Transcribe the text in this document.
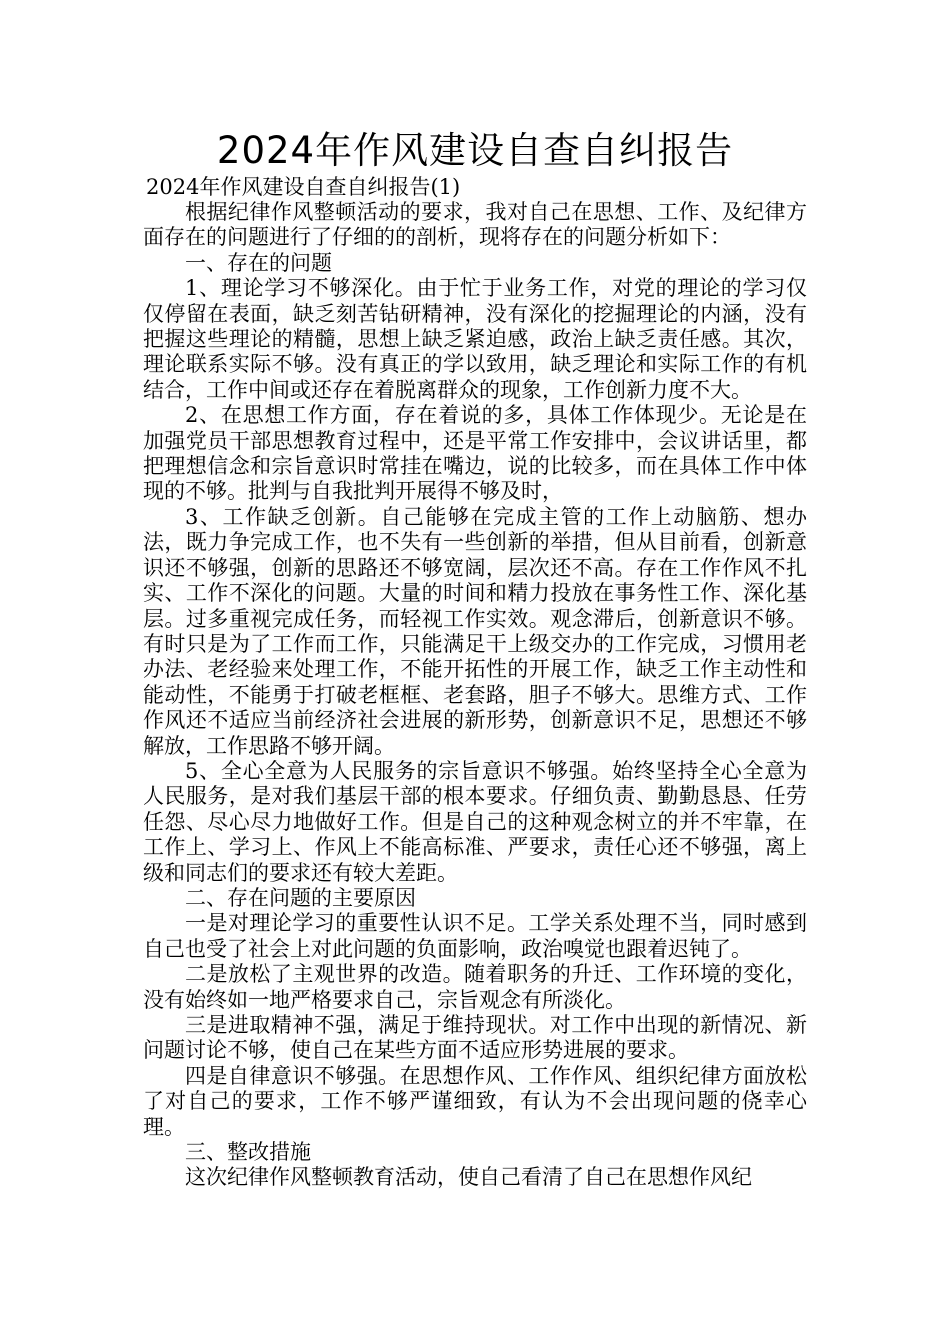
2024年作风建设自查自纠报告
2024年作风建设自查自纠报告(1)

根据纪律作风整顿活动的要求，我对自己在思想、工作、及纪律方面存在的问题进行了仔细的的剖析，现将存在的问题分析如下：

一、存在的问题

1、理论学习不够深化。由于忙于业务工作，对党的理论的学习仅仅停留在表面，缺乏刻苦钻研精神，没有深化的挖掘理论的内涵，没有把握这些理论的精髓，思想上缺乏紧迫感，政治上缺乏责任感。其次，理论联系实际不够。没有真正的学以致用，缺乏理论和实际工作的有机结合，工作中间或还存在着脱离群众的现象，工作创新力度不大。

2、在思想工作方面，存在着说的多，具体工作体现少。无论是在加强党员干部思想教育过程中，还是平常工作安排中，会议讲话里，都把理想信念和宗旨意识时常挂在嘴边，说的比较多，而在具体工作中体现的不够。批判与自我批判开展得不够及时，

3、工作缺乏创新。自己能够在完成主管的工作上动脑筋、想办法，既力争完成工作，也不失有一些创新的举措，但从目前看，创新意识还不够强，创新的思路还不够宽阔，层次还不高。存在工作作风不扎实、工作不深化的问题。大量的时间和精力投放在事务性工作、深化基层。过多重视完成任务，而轻视工作实效。观念滞后，创新意识不够。有时只是为了工作而工作，只能满足干上级交办的工作完成，习惯用老办法、老经验来处理工作，不能开拓性的开展工作，缺乏工作主动性和能动性，不能勇于打破老框框、老套路，胆子不够大。思维方式、工作作风还不适应当前经济社会进展的新形势，创新意识不足，思想还不够解放，工作思路不够开阔。

5、全心全意为人民服务的宗旨意识不够强。始终坚持全心全意为人民服务，是对我们基层干部的根本要求。仔细负责、勤勤恳恳、任劳任怨、尽心尽力地做好工作。但是自己的这种观念树立的并不牢靠，在工作上、学习上、作风上不能高标准、严要求，责任心还不够强，离上级和同志们的要求还有较大差距。

二、存在问题的主要原因

一是对理论学习的重要性认识不足。工学关系处理不当，同时感到自己也受了社会上对此问题的负面影响，政治嗅觉也跟着迟钝了。

二是放松了主观世界的改造。随着职务的升迁、工作环境的变化，没有始终如一地严格要求自己，宗旨观念有所淡化。

三是进取精神不强，满足于维持现状。对工作中出现的新情况、新问题讨论不够，使自己在某些方面不适应形势进展的要求。

四是自律意识不够强。在思想作风、工作作风、组织纪律方面放松了对自己的要求，工作不够严谨细致，有认为不会出现问题的侥幸心理。

三、整改措施

这次纪律作风整顿教育活动，使自己看清了自己在思想作风纪
